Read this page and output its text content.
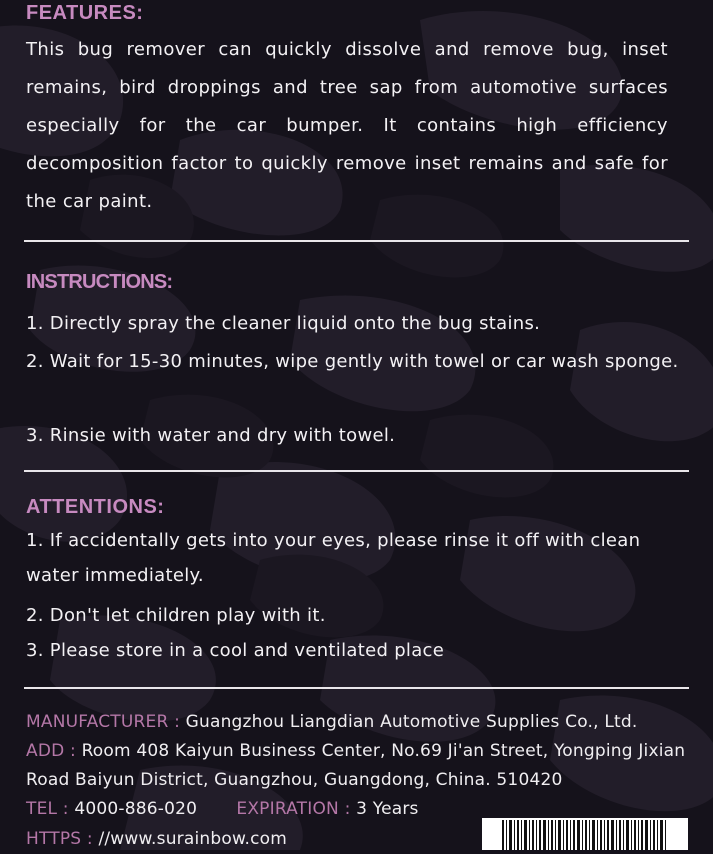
FEATURES:

This bug remover can quickly dissolve and remove bug, inset remains, bird droppings and tree sap from automotive surfaces especially for the car bumper. It contains high efficiency decomposition factor to quickly remove inset remains and safe for the car paint.

INSTRUCTIONS:

1. Directly spray the cleaner liquid onto the bug stains.

2. Wait for 15-30 minutes, wipe gently with towel or car wash sponge.

3. Rinsie with water and dry with towel.

ATTENTIONS:

1. If accidentally gets into your eyes, please rinse it off with clean water immediately.

2. Don't let children play with it.

3. Please store in a cool and ventilated place

MANUFACTURER : Guangzhou Liangdian Automotive Supplies Co., Ltd.

ADD : Room 408 Kaiyun Business Center, No.69 Ji'an Street, Yongping Jixian Road Baiyun District, Guangzhou, Guangdong, China. 510420

TEL : 4000-886-020 EXPIRATION : 3 Years

HTTPS : //www.surainbow.com
